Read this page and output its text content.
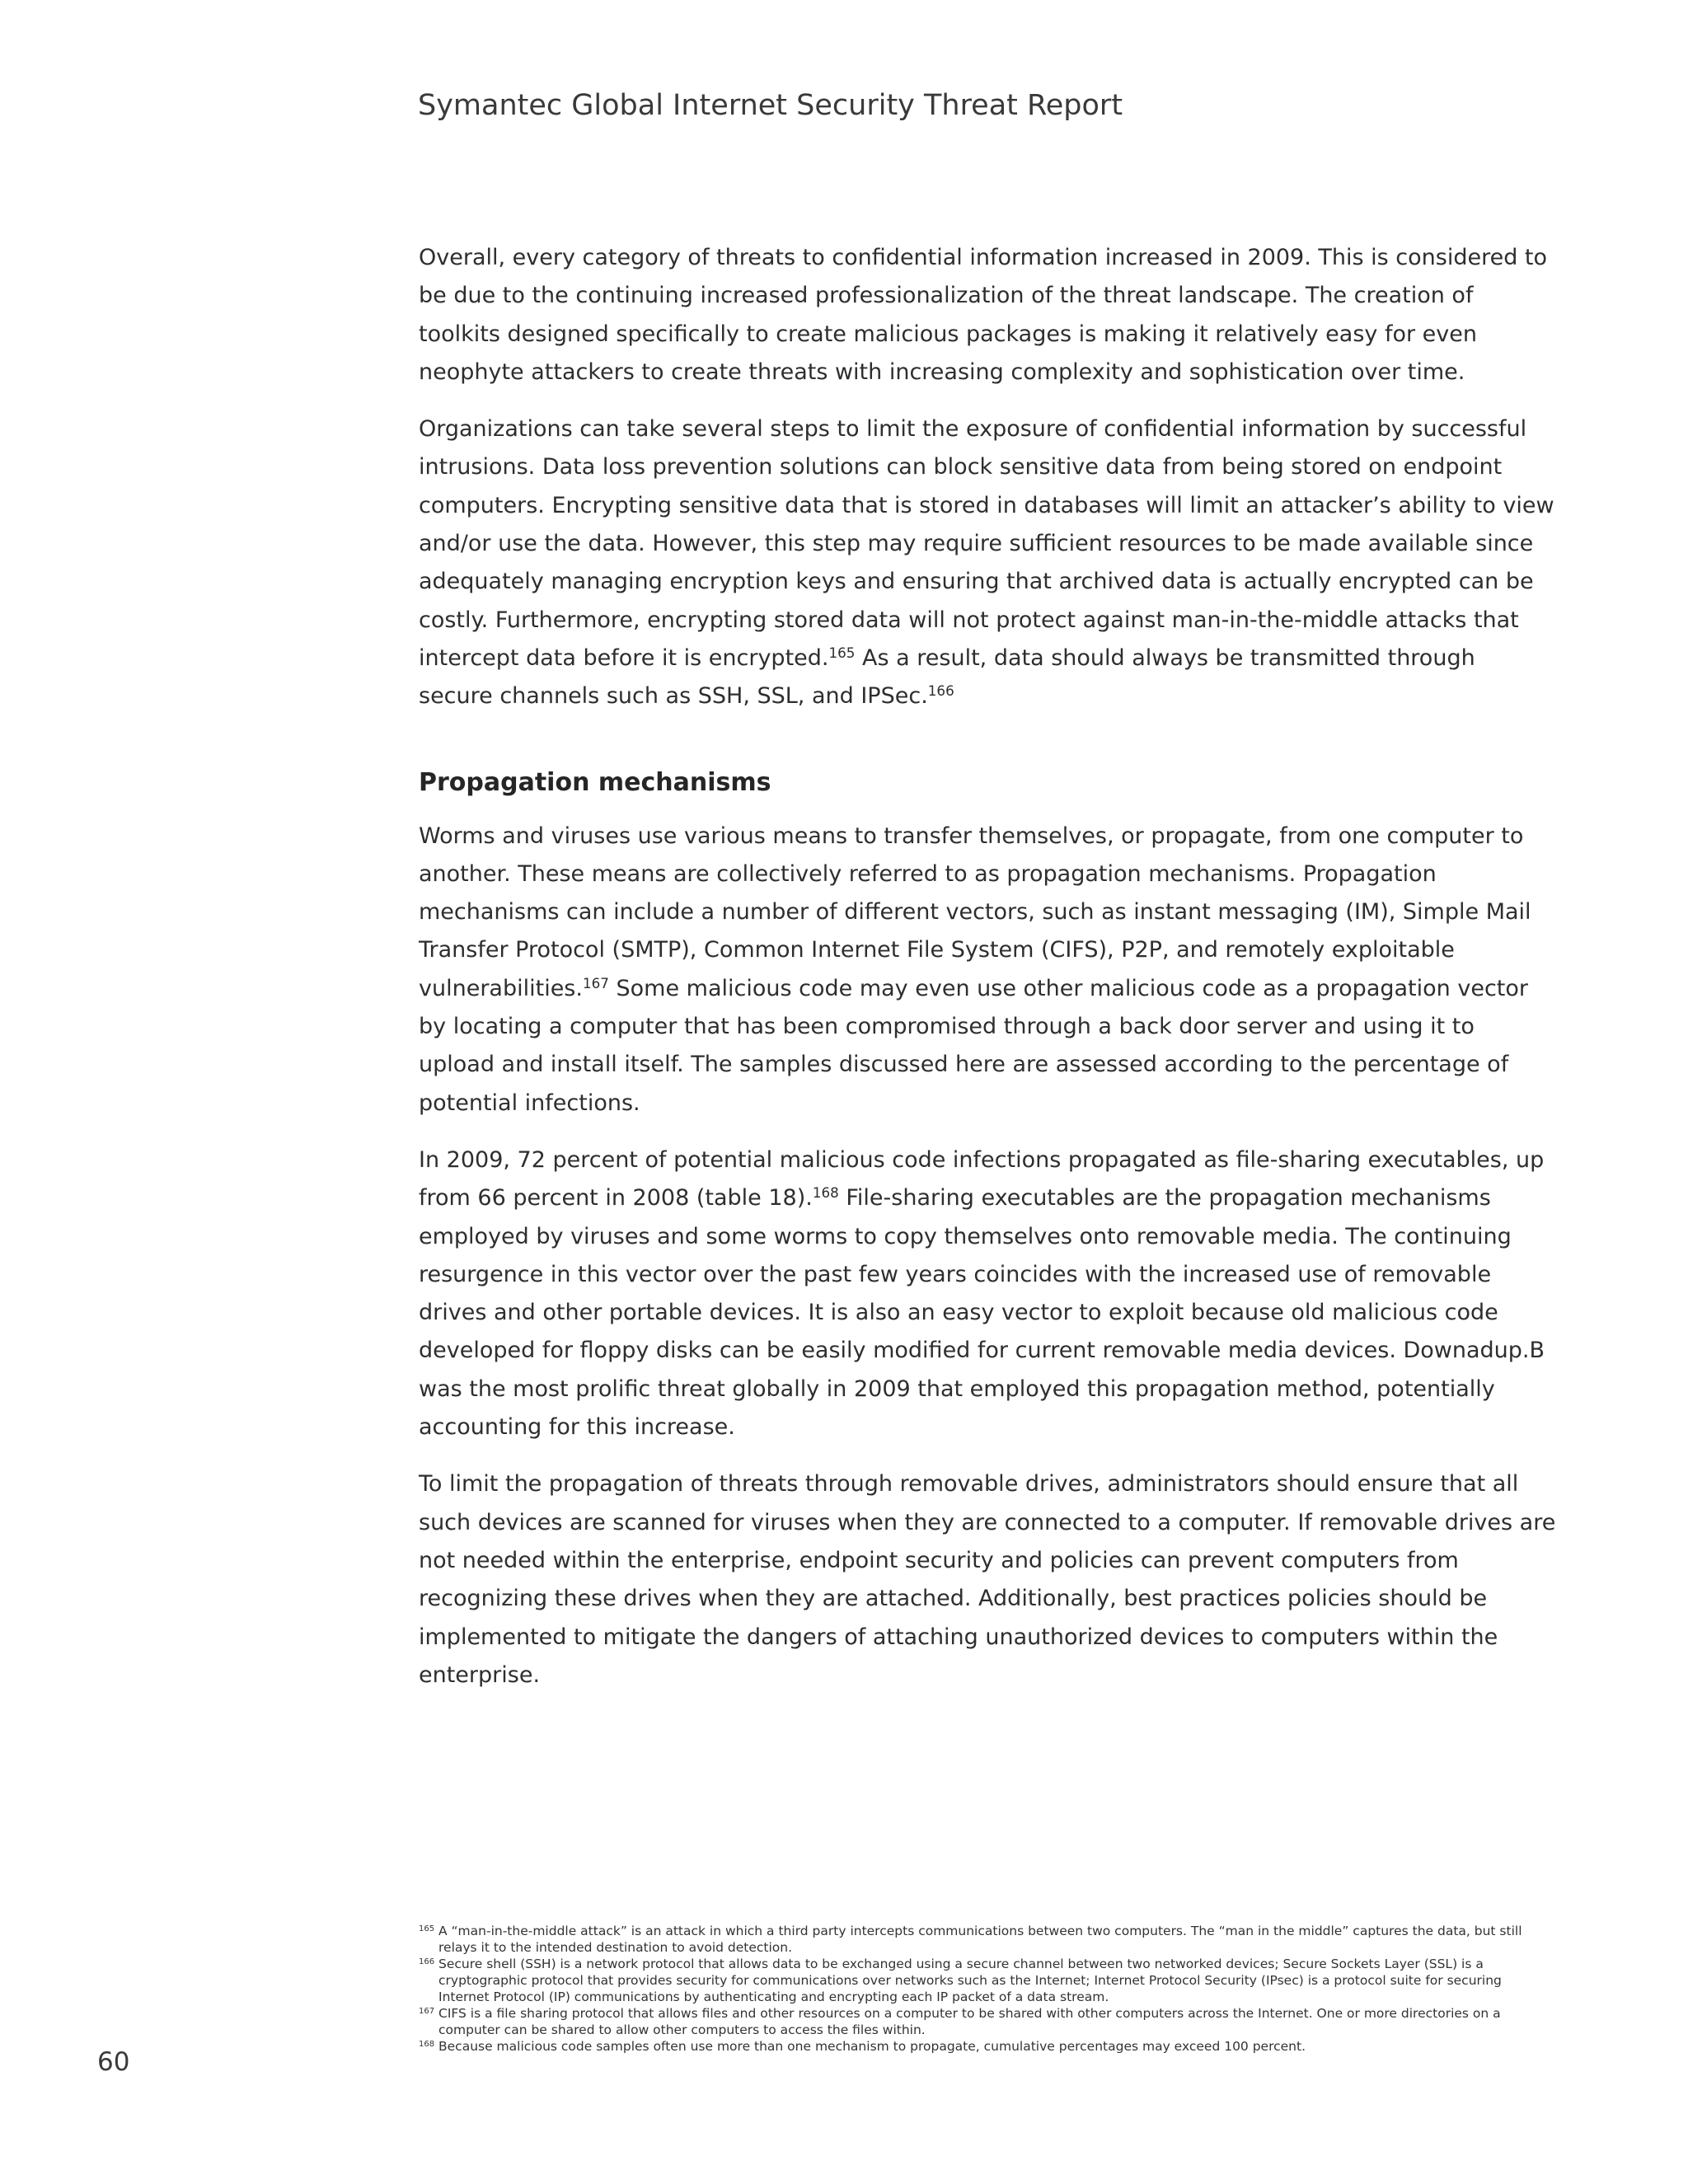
Symantec Global Internet Security Threat Report

Overall, every category of threats to confidential information increased in 2009. This is considered to be due to the continuing increased professionalization of the threat landscape. The creation of toolkits designed specifically to create malicious packages is making it relatively easy for even neophyte attackers to create threats with increasing complexity and sophistication over time.

Organizations can take several steps to limit the exposure of confidential information by successful intrusions. Data loss prevention solutions can block sensitive data from being stored on endpoint computers. Encrypting sensitive data that is stored in databases will limit an attacker’s ability to view and/or use the data. However, this step may require sufficient resources to be made available since adequately managing encryption keys and ensuring that archived data is actually encrypted can be costly. Furthermore, encrypting stored data will not protect against man-in-the-middle attacks that intercept data before it is encrypted.$^{165}$ As a result, data should always be transmitted through secure channels such as SSH, SSL, and IPSec.$^{166}$

Propagation mechanisms

Worms and viruses use various means to transfer themselves, or propagate, from one computer to another. These means are collectively referred to as propagation mechanisms. Propagation mechanisms can include a number of different vectors, such as instant messaging (IM), Simple Mail Transfer Protocol (SMTP), Common Internet File System (CIFS), P2P, and remotely exploitable vulnerabilities.$^{167}$ Some malicious code may even use other malicious code as a propagation vector by locating a computer that has been compromised through a back door server and using it to upload and install itself. The samples discussed here are assessed according to the percentage of potential infections.

In 2009, 72 percent of potential malicious code infections propagated as file-sharing executables, up from 66 percent in 2008 (table 18).$^{168}$ File-sharing executables are the propagation mechanisms employed by viruses and some worms to copy themselves onto removable media. The continuing resurgence in this vector over the past few years coincides with the increased use of removable drives and other portable devices. It is also an easy vector to exploit because old malicious code developed for floppy disks can be easily modified for current removable media devices. Downadup.B was the most prolific threat globally in 2009 that employed this propagation method, potentially accounting for this increase.

To limit the propagation of threats through removable drives, administrators should ensure that all such devices are scanned for viruses when they are connected to a computer. If removable drives are not needed within the enterprise, endpoint security and policies can prevent computers from recognizing these drives when they are attached. Additionally, best practices policies should be implemented to mitigate the dangers of attaching unauthorized devices to computers within the enterprise.

165 A “man-in-the-middle attack” is an attack in which a third party intercepts communications between two computers. The “man in the middle” captures the data, but still relays it to the intended destination to avoid detection.
166 Secure shell (SSH) is a network protocol that allows data to be exchanged using a secure channel between two networked devices; Secure Sockets Layer (SSL) is a cryptographic protocol that provides security for communications over networks such as the Internet; Internet Protocol Security (IPsec) is a protocol suite for securing Internet Protocol (IP) communications by authenticating and encrypting each IP packet of a data stream.
167 CIFS is a file sharing protocol that allows files and other resources on a computer to be shared with other computers across the Internet. One or more directories on a computer can be shared to allow other computers to access the files within.
168 Because malicious code samples often use more than one mechanism to propagate, cumulative percentages may exceed 100 percent.
60
